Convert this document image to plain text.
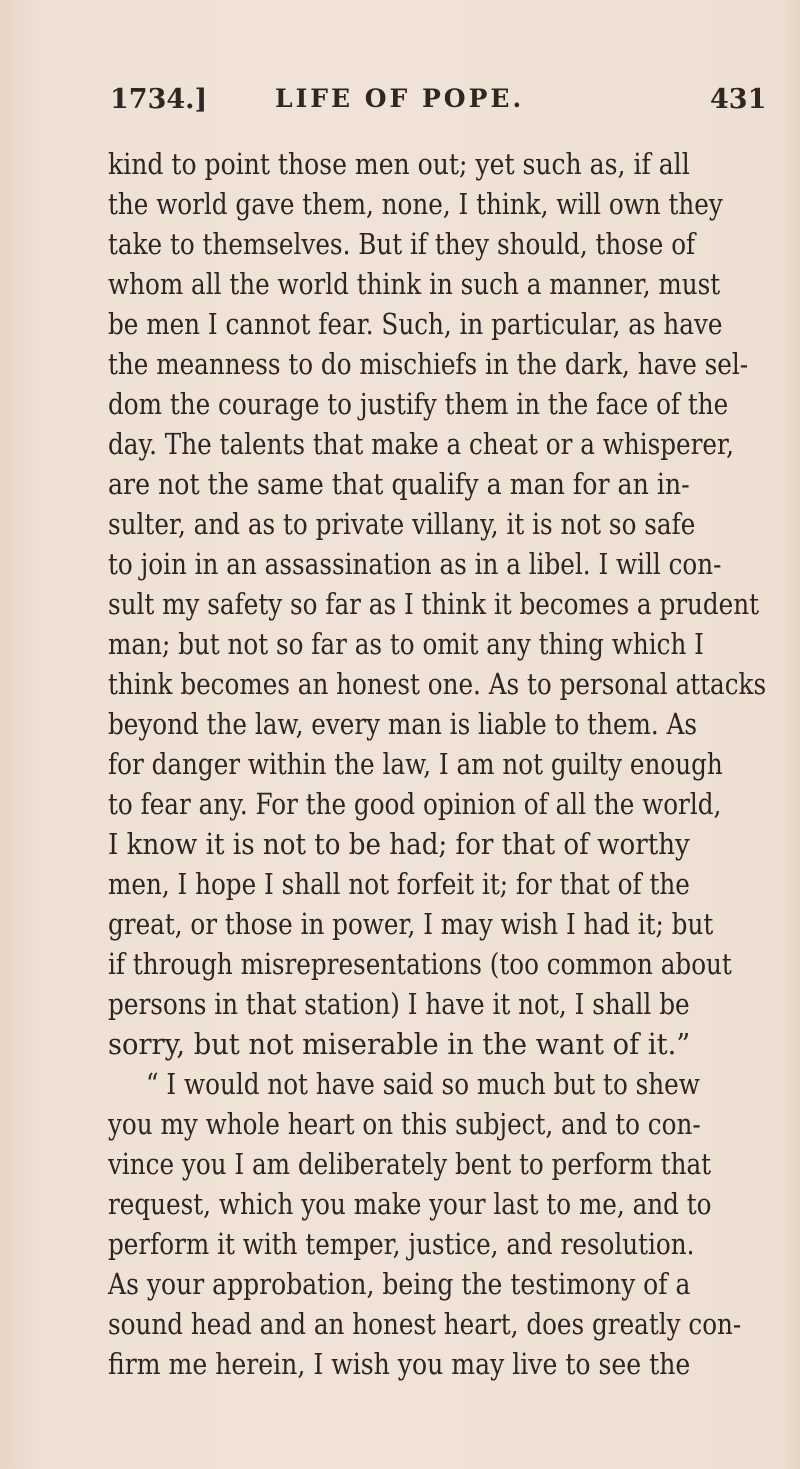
1734.]	LIFE OF POPE.	431
kind to point those men out; yet such as, if all
the world gave them, none, I think, will own they
take to themselves. But if they should, those of
whom all the world think in such a manner, must
be men I cannot fear. Such, in particular, as have
the meanness to do mischiefs in the dark, have sel-
dom the courage to justify them in the face of the
day. The talents that make a cheat or a whisperer,
are not the same that qualify a man for an in-
sulter, and as to private villany, it is not so safe
to join in an assassination as in a libel. I will con-
sult my safety so far as I think it becomes a prudent
man; but not so far as to omit any thing which I
think becomes an honest one. As to personal attacks
beyond the law, every man is liable to them. As
for danger within the law, I am not guilty enough
to fear any. For the good opinion of all the world,
I know it is not to be had; for that of worthy
men, I hope I shall not forfeit it; for that of the
great, or those in power, I may wish I had it; but
if through misrepresentations (too common about
persons in that station) I have it not, I shall be
sorry, but not miserable in the want of it.”
“ I would not have said so much but to shew
you my whole heart on this subject, and to con-
vince you I am deliberately bent to perform that
request, which you make your last to me, and to
perform it with temper, justice, and resolution.
As your approbation, being the testimony of a
sound head and an honest heart, does greatly con-
firm me herein, I wish you may live to see the
